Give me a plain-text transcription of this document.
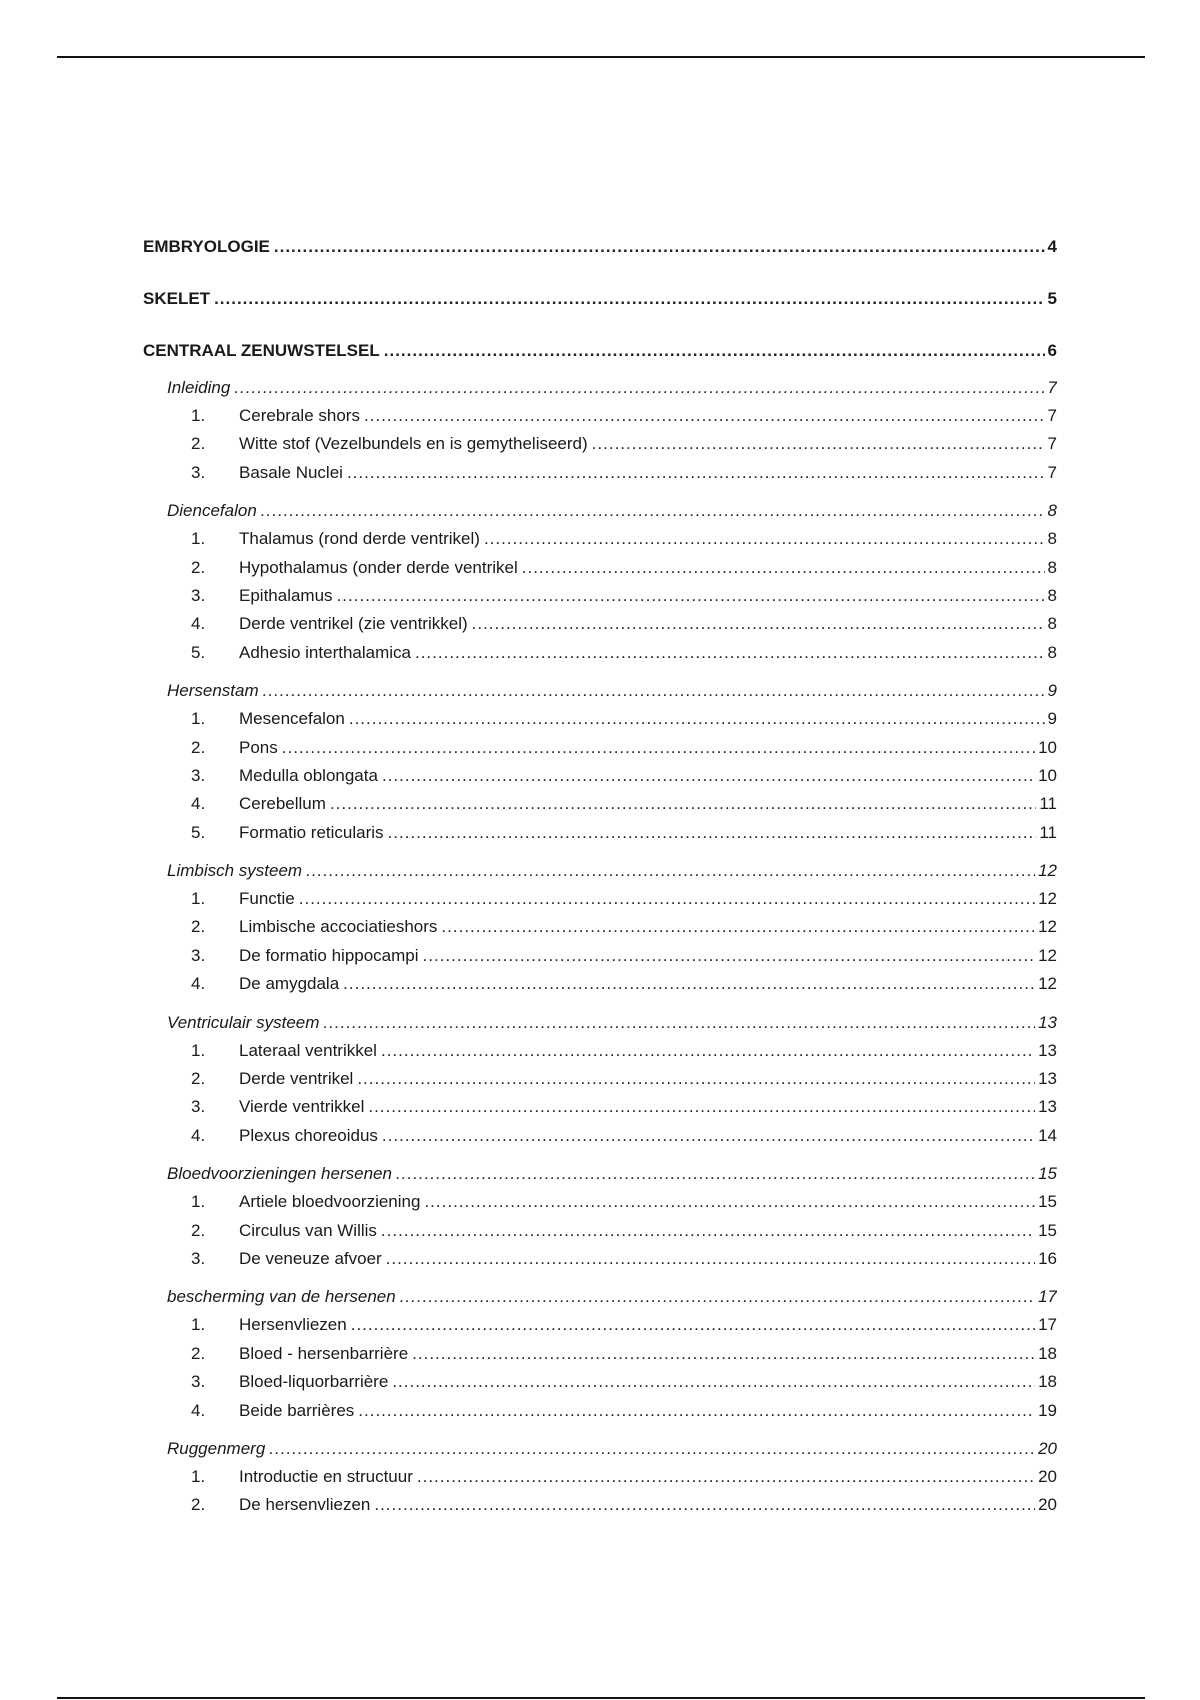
EMBRYOLOGIE .....	4
SKELET .....	5
CENTRAAL ZENUWSTELSEL .....	6
Inleiding .....	7
1.	Cerebrale shors .....	7
2.	Witte stof (Vezelbundels en is gemytheliseerd) .....	7
3.	Basale Nuclei .....	7
Diencefalon .....	8
1.	Thalamus (rond derde ventrikel) .....	8
2.	Hypothalamus (onder derde ventrikel .....	8
3.	Epithalamus .....	8
4.	Derde ventrikel (zie ventrikkel) .....	8
5.	Adhesio interthalamica .....	8
Hersenstam .....	9
1.	Mesencefalon .....	9
2.	Pons .....	10
3.	Medulla oblongata .....	10
4.	Cerebellum .....	11
5.	Formatio reticularis .....	11
Limbisch systeem .....	12
1.	Functie .....	12
2.	Limbische accociatieshors .....	12
3.	De formatio hippocampi .....	12
4.	De amygdala .....	12
Ventriculair systeem .....	13
1.	Lateraal ventrikkel .....	13
2.	Derde ventrikel .....	13
3.	Vierde ventrikkel .....	13
4.	Plexus choreoidus .....	14
Bloedvoorzieningen hersenen .....	15
1.	Artiele bloedvoorziening .....	15
2.	Circulus van Willis .....	15
3.	De veneuze afvoer .....	16
bescherming van de hersenen .....	17
1.	Hersenvliezen .....	17
2.	Bloed - hersenbarrière .....	18
3.	Bloed-liquorbarrière .....	18
4.	Beide barrières .....	19
Ruggenmerg .....	20
1.	Introductie en structuur .....	20
2.	De hersenvliezen .....	20
